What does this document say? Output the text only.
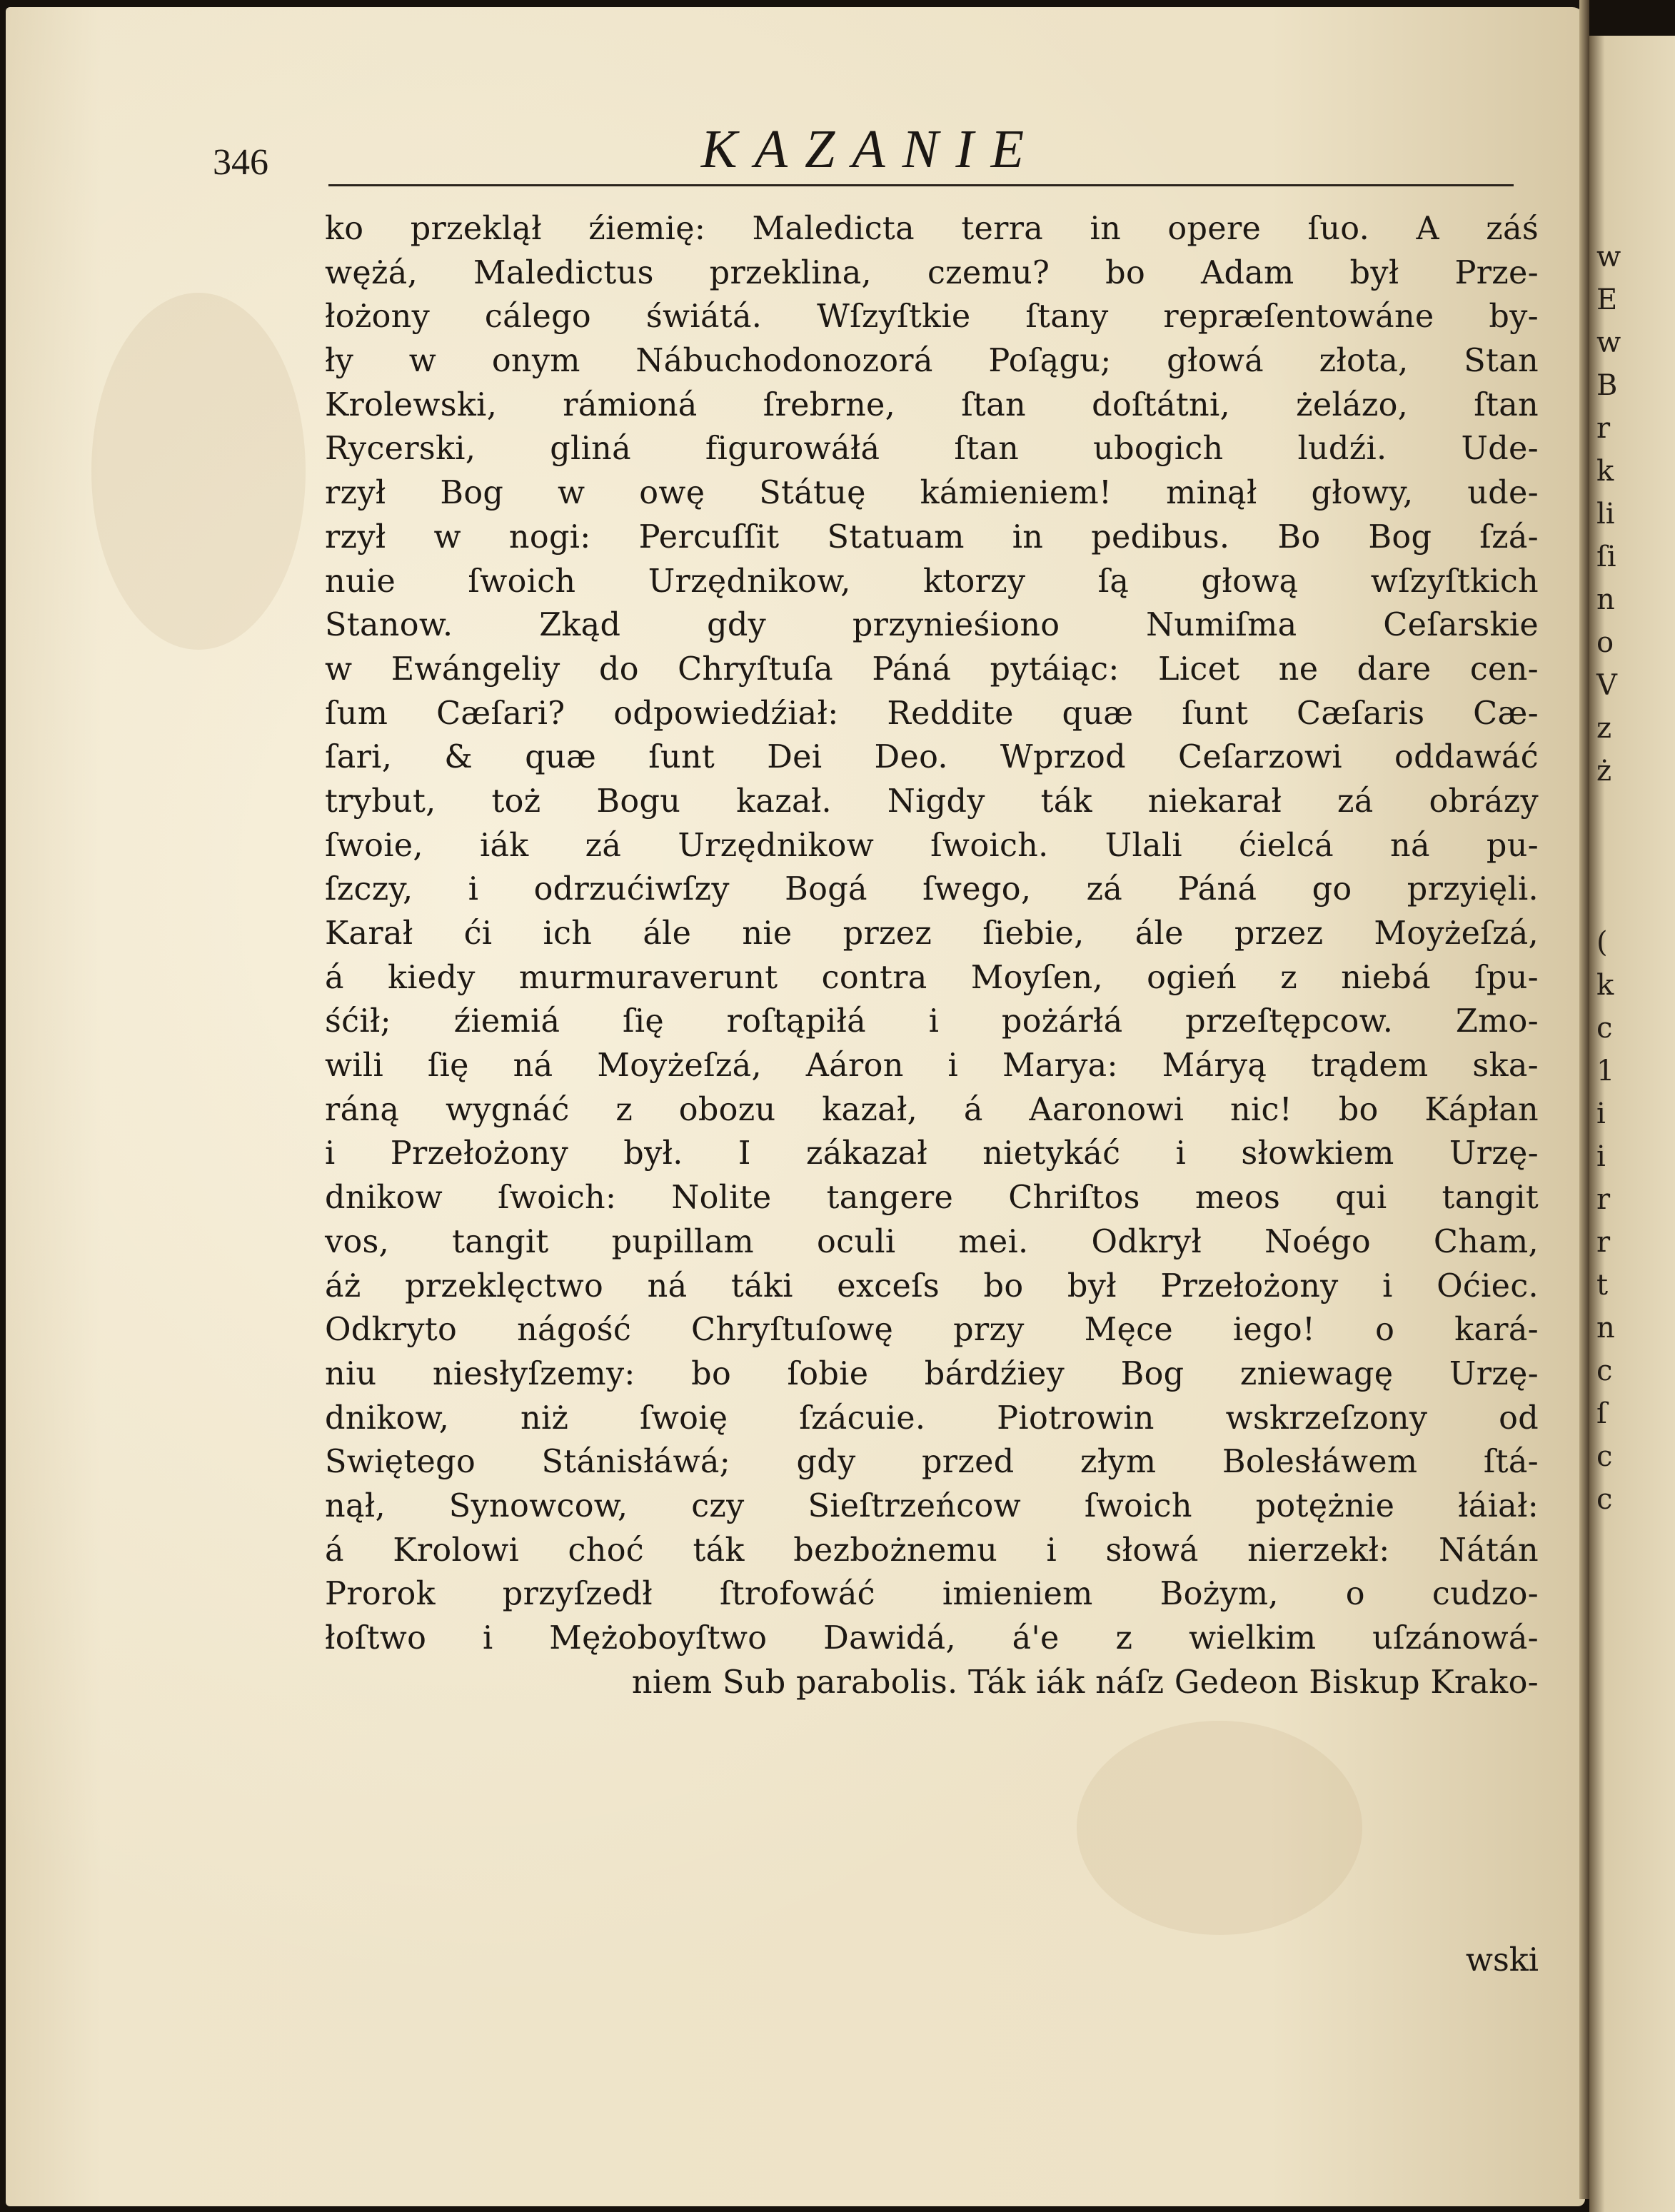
w
E
w
B
r
k
li
ſi
n
o
V
z
ż
(
k
c
1
i
i
r
r
t
n
c
ſ
c
c
346	KAZANIE
ko przeklął źiemię: Maledicta terra in opere ſuo. A záś
wężá, Maledictus przeklina, czemu? bo Adam był Prze-
łożony cálego świátá. Wſzyſtkie ſtany repræſentowáne by-
ły w onym Nábuchodonozorá Poſągu; głowá złota, Stan
Krolewski, rámioná ſrebrne, ſtan doſtátni, żelázo, ſtan
Rycerski, gliná figurowáłá ſtan ubogich ludźi. Ude-
rzył Bog w owę Státuę kámieniem! minął głowy, ude-
rzył w nogi: Percuſſit Statuam in pedibus. Bo Bog ſzá-
nuie ſwoich Urzędnikow, ktorzy ſą głową wſzyſtkich
Stanow. Zkąd gdy przynieśiono Numiſma Ceſarskie
w Ewángeliy do Chryſtuſa Páná pytáiąc: Licet ne dare cen-
ſum Cæſari? odpowiedźiał: Reddite quæ ſunt Cæſaris Cæ-
ſari, & quæ ſunt Dei Deo. Wprzod Ceſarzowi oddawáć
trybut, toż Bogu kazał. Nigdy ták niekarał zá obrázy
ſwoie, iák zá Urzędnikow ſwoich. Ulali ćielcá ná pu-
ſzczy, i odrzućiwſzy Bogá ſwego, zá Páná go przyięli.
Karał ći ich ále nie przez ſiebie, ále przez Moyżeſzá,
á kiedy murmuraverunt contra Moyſen, ogień z niebá ſpu-
śćił; źiemiá ſię roſtąpiłá i pożárłá przeſtępcow. Zmo-
wili ſię ná Moyżeſzá, Aáron i Marya: Máryą trądem ska-
ráną wygnáć z obozu kazał, á Aaronowi nic! bo Kápłan
i Przełożony był. I zákazał nietykáć i słowkiem Urzę-
dnikow ſwoich: Nolite tangere Chriſtos meos qui tangit
vos, tangit pupillam oculi mei. Odkrył Noégo Cham,
áż przeklęctwo ná táki exceſs bo był Przełożony i Oćiec.
Odkryto nágość Chryſtuſowę przy Męce iego! o kará-
niu niesłyſzemy: bo ſobie bárdźiey Bog zniewagę Urzę-
dnikow, niż ſwoię ſzácuie. Piotrowin wskrzeſzony od
Swiętego Stánisłáwá; gdy przed złym Bolesłáwem ſtá-
nął, Synowcow, czy Sieſtrzeńcow ſwoich potężnie łáiał:
á Krolowi choć ták bezbożnemu i słowá nierzekł: Nátán
Prorok przyſzedł ſtrofowáć imieniem Bożym, o cudzo-
łoſtwo i Mężoboyſtwo Dawidá, á'e z wielkim uſzánowá-
niem Sub parabolis. Ták iák náſz Gedeon Biskup Krako-
wski
